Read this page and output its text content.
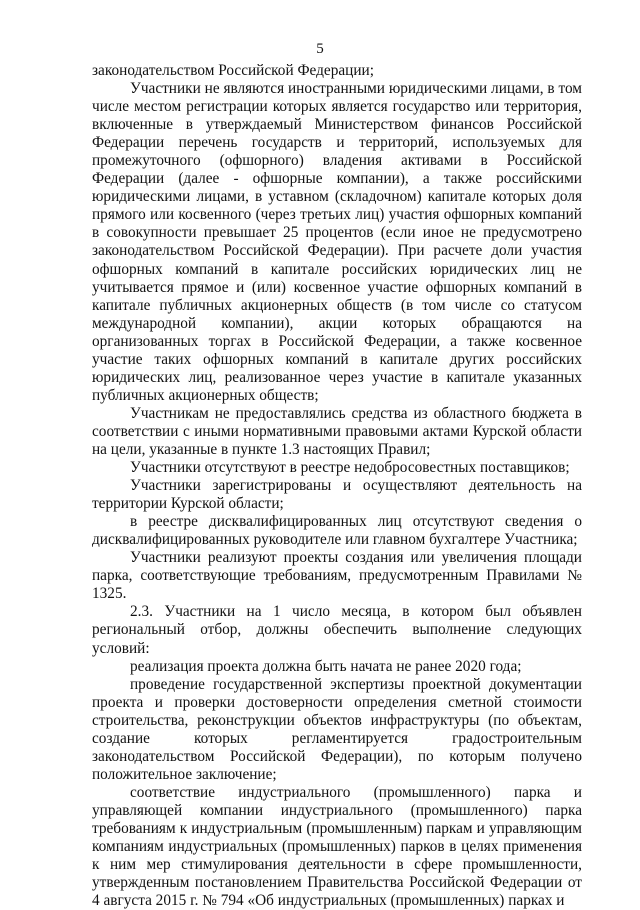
5

законодательством Российской Федерации;

Участники не являются иностранными юридическими лицами, в том числе местом регистрации которых является государство или территория, включенные в утверждаемый Министерством финансов Российской Федерации перечень государств и территорий, используемых для промежуточного (офшорного) владения активами в Российской Федерации (далее - офшорные компании), а также российскими юридическими лицами, в уставном (складочном) капитале которых доля прямого или косвенного (через третьих лиц) участия офшорных компаний в совокупности превышает 25 процентов (если иное не предусмотрено законодательством Российской Федерации). При расчете доли участия офшорных компаний в капитале российских юридических лиц не учитывается прямое и (или) косвенное участие офшорных компаний в капитале публичных акционерных обществ (в том числе со статусом международной компании), акции которых обращаются на организованных торгах в Российской Федерации, а также косвенное участие таких офшорных компаний в капитале других российских юридических лиц, реализованное через участие в капитале указанных публичных акционерных обществ;

Участникам не предоставлялись средства из областного бюджета в соответствии с иными нормативными правовыми актами Курской области на цели, указанные в пункте 1.3 настоящих Правил;

Участники отсутствуют в реестре недобросовестных поставщиков;

Участники зарегистрированы и осуществляют деятельность на территории Курской области;

в реестре дисквалифицированных лиц отсутствуют сведения о дисквалифицированных руководителе или главном бухгалтере Участника;

Участники реализуют проекты создания или увеличения площади парка, соответствующие требованиям, предусмотренным Правилами № 1325.

2.3. Участники на 1 число месяца, в котором был объявлен региональный отбор, должны обеспечить выполнение следующих условий:

реализация проекта должна быть начата не ранее 2020 года;

проведение государственной экспертизы проектной документации проекта и проверки достоверности определения сметной стоимости строительства, реконструкции объектов инфраструктуры (по объектам, создание которых регламентируется градостроительным законодательством Российской Федерации), по которым получено положительное заключение;

соответствие индустриального (промышленного) парка и управляющей компании индустриального (промышленного) парка требованиям к индустриальным (промышленным) паркам и управляющим компаниям индустриальных (промышленных) парков в целях применения к ним мер стимулирования деятельности в сфере промышленности, утвержденным постановлением Правительства Российской Федерации от 4 августа 2015 г. № 794 «Об индустриальных (промышленных) парках и
